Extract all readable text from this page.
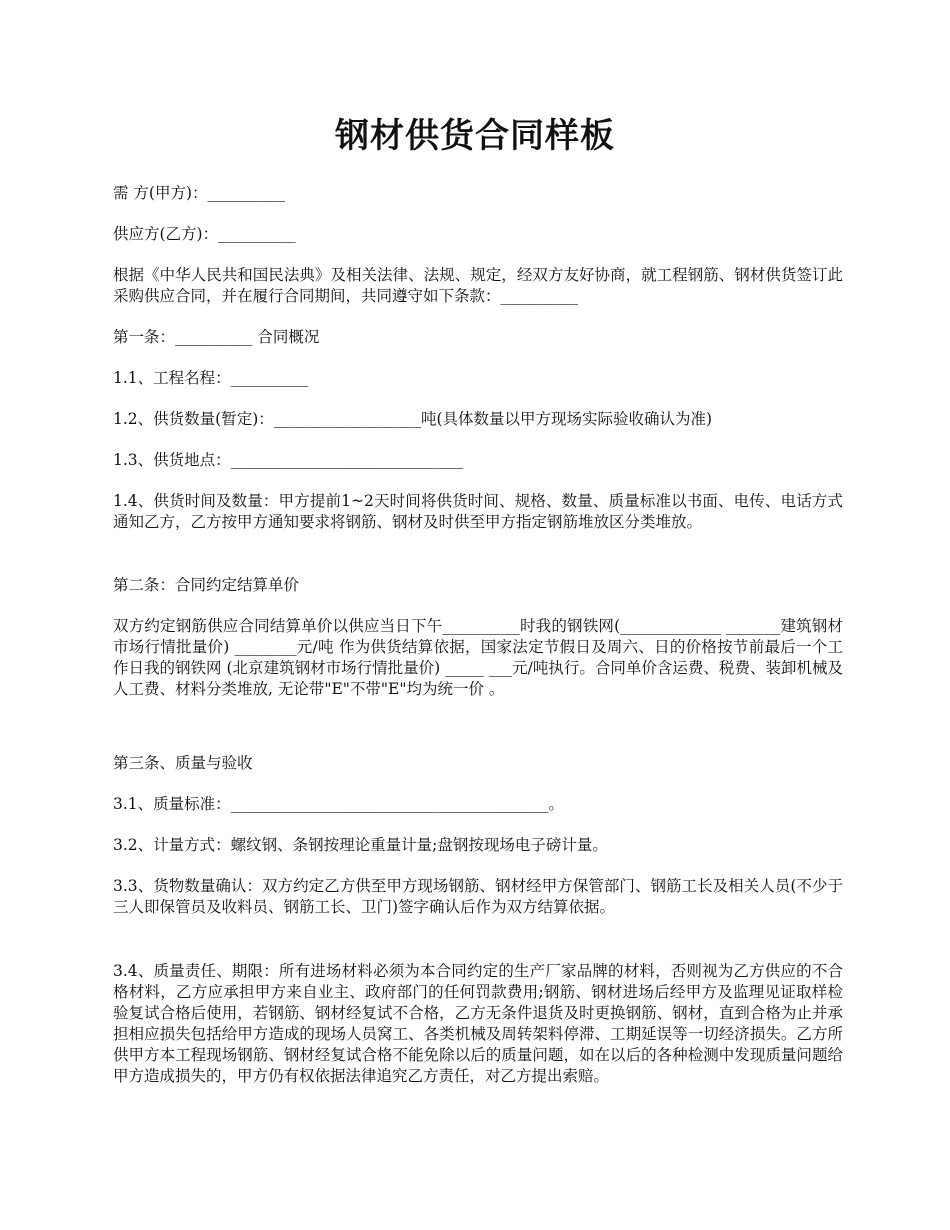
钢材供货合同样板

需 方(甲方)：__________

供应方(乙方)：__________

根据《中华人民共和国民法典》及相关法律、法规、规定，经双方友好协商，就工程钢筋、钢材供货签订此采购供应合同，并在履行合同期间，共同遵守如下条款：__________

第一条：__________ 合同概况

1.1、工程名程：__________

1.2、供货数量(暂定)：___________________吨(具体数量以甲方现场实际验收确认为准)

1.3、供货地点：______________________________

1.4、供货时间及数量：甲方提前1~2天时间将供货时间、规格、数量、质量标准以书面、电传、电话方式通知乙方，乙方按甲方通知要求将钢筋、钢材及时供至甲方指定钢筋堆放区分类堆放。

第二条：合同约定结算单价

双方约定钢筋供应合同结算单价以供应当日下午__________时我的钢铁网(_____________ _______建筑钢材市场行情批量价) ________元/吨 作为供货结算依据，国家法定节假日及周六、日的价格按节前最后一个工作日我的钢铁网 (北京建筑钢材市场行情批量价) _____ ___元/吨执行。合同单价含运费、税费、装卸机械及人工费、材料分类堆放, 无论带"E"不带"E"均为统一价 。

第三条、质量与验收

3.1、质量标准：_________________________________________。

3.2、计量方式：螺纹钢、条钢按理论重量计量;盘钢按现场电子磅计量。

3.3、货物数量确认：双方约定乙方供至甲方现场钢筋、钢材经甲方保管部门、钢筋工长及相关人员(不少于三人即保管员及收料员、钢筋工长、卫门)签字确认后作为双方结算依据。

3.4、质量责任、期限：所有进场材料必须为本合同约定的生产厂家品牌的材料，否则视为乙方供应的不合格材料，乙方应承担甲方来自业主、政府部门的任何罚款费用;钢筋、钢材进场后经甲方及监理见证取样检验复试合格后使用，若钢筋、钢材经复试不合格，乙方无条件退货及时更换钢筋、钢材，直到合格为止并承担相应损失包括给甲方造成的现场人员窝工、各类机械及周转架料停滞、工期延误等一切经济损失。乙方所供甲方本工程现场钢筋、钢材经复试合格不能免除以后的质量问题，如在以后的各种检测中发现质量问题给甲方造成损失的，甲方仍有权依据法律追究乙方责任，对乙方提出索赔。
